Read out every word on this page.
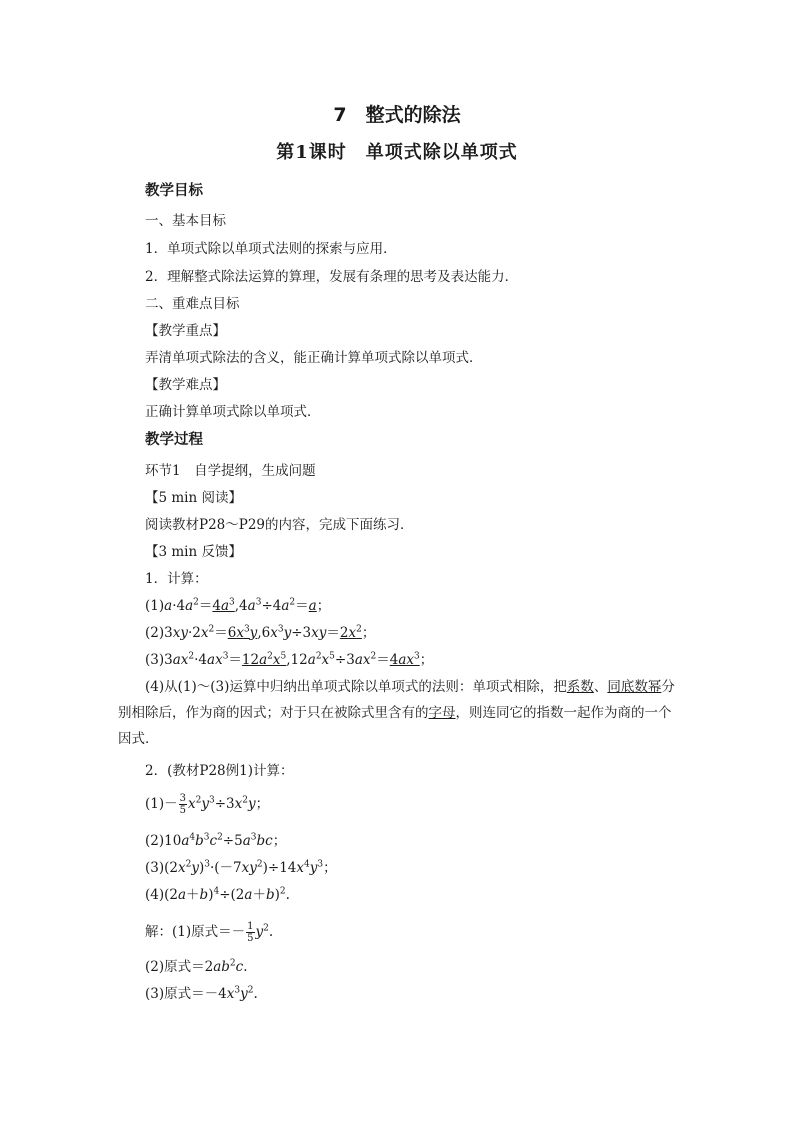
7　整式的除法
第1课时　单项式除以单项式
教学目标
一、基本目标
1．单项式除以单项式法则的探索与应用．
2．理解整式除法运算的算理，发展有条理的思考及表达能力．
二、重难点目标
【教学重点】
弄清单项式除法的含义，能正确计算单项式除以单项式．
【教学难点】
正确计算单项式除以单项式．
教学过程
环节1　自学提纲，生成问题
【5 min 阅读】
阅读教材P28～P29的内容，完成下面练习．
【3 min 反馈】
1．计算：
$(1)a\cdot 4a^2=4a^3,4a^3\div 4a^2=a$；
$(2)3xy\cdot 2x^2=6x^3y,6x^3y\div 3xy=2x^2$；
$(3)3ax^2\cdot 4ax^3=12a^2x^5,12a^2x^5\div 3ax^2=4ax^3$；
(4)从(1)～(3)运算中归纳出单项式除以单项式的法则：单项式相除，把系数、同底数幂分别相除后，作为商的因式；对于只在被除式里含有的字母，则连同它的指数一起作为商的一个因式．
2．(教材P28例1)计算：
$(1)- \frac{3}{5} x^2y^3\div 3x^2y$；
$(2)10a^4b^3c^2\div 5a^3bc$；
$(3)(2x^2y)^3\cdot(-7xy^2)\div 14x^4y^3$；
$(4)(2a+b)^4\div(2a+b)^2$.
解：(1)原式＝－ $\frac{1}{5} y^2$.
(2)原式$=2ab^2c$.
(3)原式$=-4x^3y^2$.
